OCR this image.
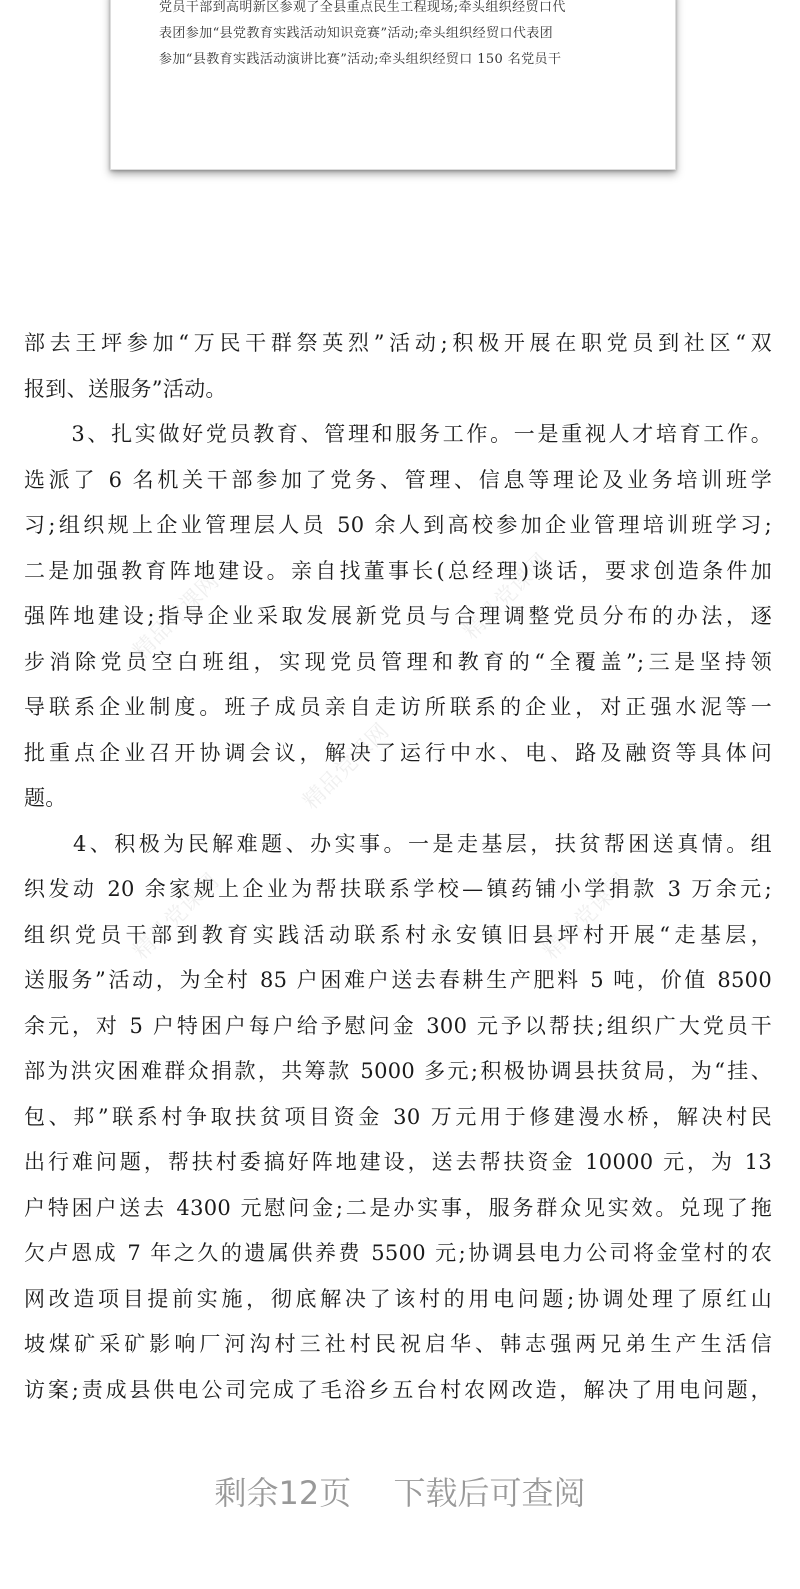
党员干部到高明新区参观了全县重点民生工程现场;牵头组织经贸口代
表团参加“县党教育实践活动知识竞赛”活动;牵头组织经贸口代表团
参加“县教育实践活动演讲比赛”活动;牵头组织经贸口 150 名党员干
精品党课网	精品党课网
精品党课网
精品党课网	精品党课网
部去王坪参加“万民干群祭英烈”活动;积极开展在职党员到社区“双
报到、送服务”活动。
　　3、扎实做好党员教育、管理和服务工作。一是重视人才培育工作。
选派了 6 名机关干部参加了党务、管理、信息等理论及业务培训班学
习;组织规上企业管理层人员 50 余人到高校参加企业管理培训班学习;
二是加强教育阵地建设。亲自找董事长(总经理)谈话，要求创造条件加
强阵地建设;指导企业采取发展新党员与合理调整党员分布的办法，逐
步消除党员空白班组，实现党员管理和教育的“全覆盖”;三是坚持领
导联系企业制度。班子成员亲自走访所联系的企业，对正强水泥等一
批重点企业召开协调会议，解决了运行中水、电、路及融资等具体问
题。
　　4、积极为民解难题、办实事。一是走基层，扶贫帮困送真情。组
织发动 20 余家规上企业为帮扶联系学校—镇药铺小学捐款 3 万余元;
组织党员干部到教育实践活动联系村永安镇旧县坪村开展“走基层，
送服务”活动，为全村 85 户困难户送去春耕生产肥料 5 吨，价值 8500
余元，对 5 户特困户每户给予慰问金 300 元予以帮扶;组织广大党员干
部为洪灾困难群众捐款，共筹款 5000 多元;积极协调县扶贫局，为“挂、
包、邦”联系村争取扶贫项目资金 30 万元用于修建漫水桥，解决村民
出行难问题，帮扶村委搞好阵地建设，送去帮扶资金 10000 元，为 13
户特困户送去 4300 元慰问金;二是办实事，服务群众见实效。兑现了拖
欠卢恩成 7 年之久的遗属供养费 5500 元;协调县电力公司将金堂村的农
网改造项目提前实施，彻底解决了该村的用电问题;协调处理了原红山
坡煤矿采矿影响厂河沟村三社村民祝启华、韩志强两兄弟生产生活信
访案;责成县供电公司完成了毛浴乡五台村农网改造，解决了用电问题，
剩余12页 下载后可查阅
